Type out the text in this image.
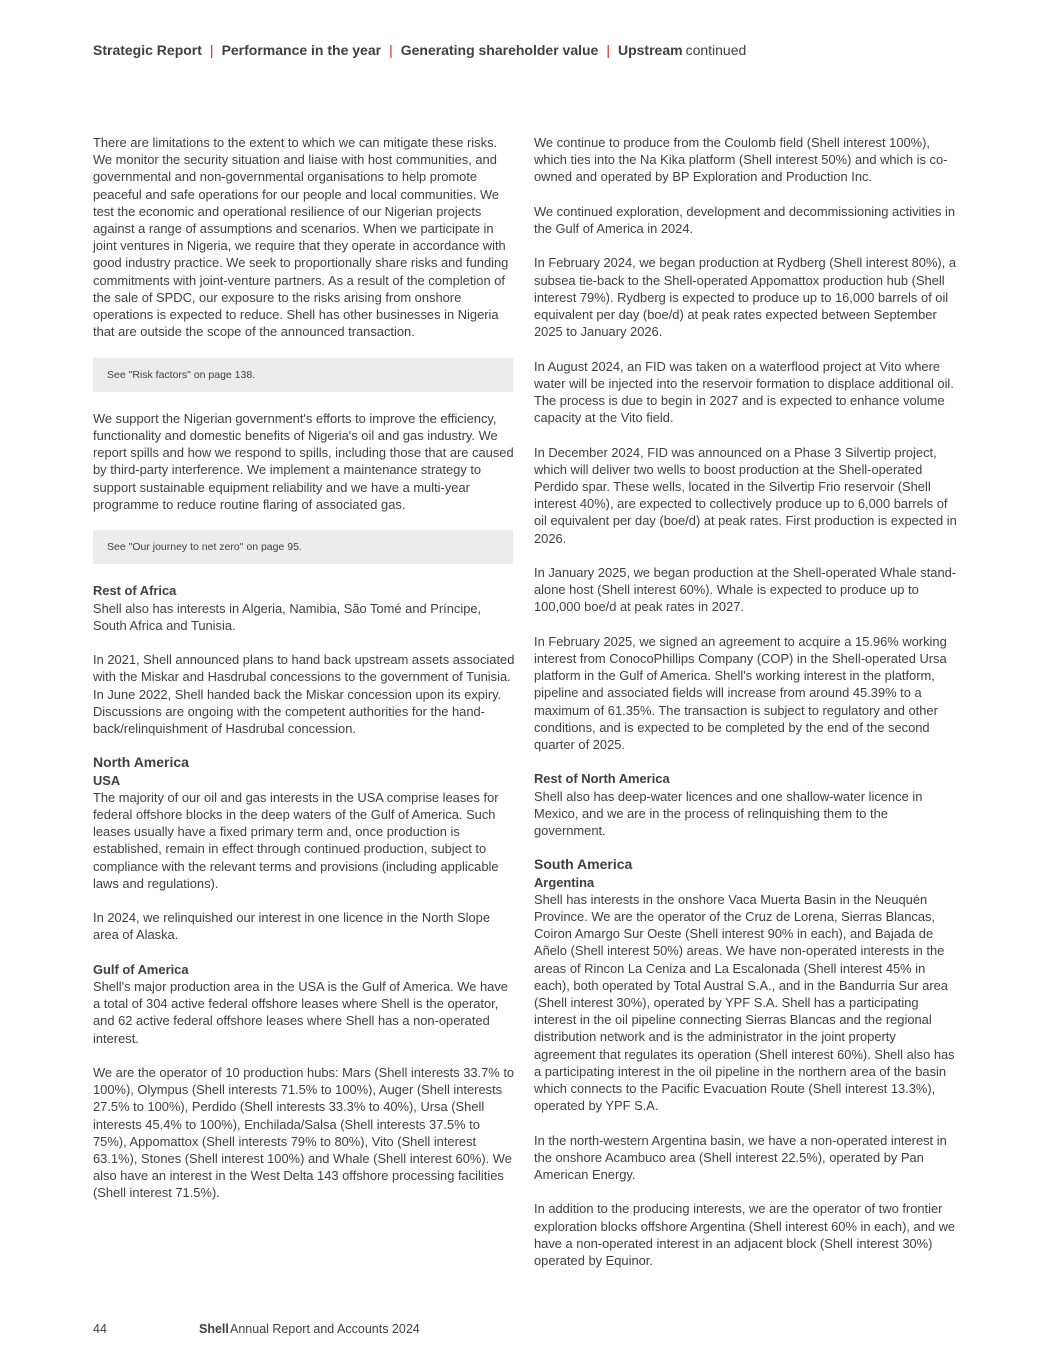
Strategic Report | Performance in the year | Generating shareholder value | Upstream continued

There are limitations to the extent to which we can mitigate these risks. We monitor the security situation and liaise with host communities, and governmental and non-governmental organisations to help promote peaceful and safe operations for our people and local communities. We test the economic and operational resilience of our Nigerian projects against a range of assumptions and scenarios. When we participate in joint ventures in Nigeria, we require that they operate in accordance with good industry practice. We seek to proportionally share risks and funding commitments with joint-venture partners. As a result of the completion of the sale of SPDC, our exposure to the risks arising from onshore operations is expected to reduce. Shell has other businesses in Nigeria that are outside the scope of the announced transaction.

See "Risk factors" on page 138.

We support the Nigerian government's efforts to improve the efficiency, functionality and domestic benefits of Nigeria's oil and gas industry. We report spills and how we respond to spills, including those that are caused by third-party interference. We implement a maintenance strategy to support sustainable equipment reliability and we have a multi-year programme to reduce routine flaring of associated gas.

See "Our journey to net zero" on page 95.
Rest of Africa

Shell also has interests in Algeria, Namibia, São Tomé and Príncipe, South Africa and Tunisia.

In 2021, Shell announced plans to hand back upstream assets associated with the Miskar and Hasdrubal concessions to the government of Tunisia. In June 2022, Shell handed back the Miskar concession upon its expiry. Discussions are ongoing with the competent authorities for the hand-back/relinquishment of Hasdrubal concession.

North America
USA

The majority of our oil and gas interests in the USA comprise leases for federal offshore blocks in the deep waters of the Gulf of America. Such leases usually have a fixed primary term and, once production is established, remain in effect through continued production, subject to compliance with the relevant terms and provisions (including applicable laws and regulations).

In 2024, we relinquished our interest in one licence in the North Slope area of Alaska.

Gulf of America

Shell's major production area in the USA is the Gulf of America. We have a total of 304 active federal offshore leases where Shell is the operator, and 62 active federal offshore leases where Shell has a non-operated interest.

We are the operator of 10 production hubs: Mars (Shell interests 33.7% to 100%), Olympus (Shell interests 71.5% to 100%), Auger (Shell interests 27.5% to 100%), Perdido (Shell interests 33.3% to 40%), Ursa (Shell interests 45.4% to 100%), Enchilada/Salsa (Shell interests 37.5% to 75%), Appomattox (Shell interests 79% to 80%), Vito (Shell interest 63.1%), Stones (Shell interest 100%) and Whale (Shell interest 60%). We also have an interest in the West Delta 143 offshore processing facilities (Shell interest 71.5%).

We continue to produce from the Coulomb field (Shell interest 100%), which ties into the Na Kika platform (Shell interest 50%) and which is co-owned and operated by BP Exploration and Production Inc.

We continued exploration, development and decommissioning activities in the Gulf of America in 2024.

In February 2024, we began production at Rydberg (Shell interest 80%), a subsea tie-back to the Shell-operated Appomattox production hub (Shell interest 79%). Rydberg is expected to produce up to 16,000 barrels of oil equivalent per day (boe/d) at peak rates expected between September 2025 to January 2026.

In August 2024, an FID was taken on a waterflood project at Vito where water will be injected into the reservoir formation to displace additional oil. The process is due to begin in 2027 and is expected to enhance volume capacity at the Vito field.

In December 2024, FID was announced on a Phase 3 Silvertip project, which will deliver two wells to boost production at the Shell-operated Perdido spar. These wells, located in the Silvertip Frio reservoir (Shell interest 40%), are expected to collectively produce up to 6,000 barrels of oil equivalent per day (boe/d) at peak rates. First production is expected in 2026.

In January 2025, we began production at the Shell-operated Whale stand-alone host (Shell interest 60%). Whale is expected to produce up to 100,000 boe/d at peak rates in 2027.

In February 2025, we signed an agreement to acquire a 15.96% working interest from ConocoPhillips Company (COP) in the Shell-operated Ursa platform in the Gulf of America. Shell's working interest in the platform, pipeline and associated fields will increase from around 45.39% to a maximum of 61.35%. The transaction is subject to regulatory and other conditions, and is expected to be completed by the end of the second quarter of 2025.

Rest of North America

Shell also has deep-water licences and one shallow-water licence in Mexico, and we are in the process of relinquishing them to the government.

South America
Argentina

Shell has interests in the onshore Vaca Muerta Basin in the Neuquén Province. We are the operator of the Cruz de Lorena, Sierras Blancas, Coiron Amargo Sur Oeste (Shell interest 90% in each), and Bajada de Añelo (Shell interest 50%) areas. We have non-operated interests in the areas of Rincon La Ceniza and La Escalonada (Shell interest 45% in each), both operated by Total Austral S.A., and in the Bandurria Sur area (Shell interest 30%), operated by YPF S.A. Shell has a participating interest in the oil pipeline connecting Sierras Blancas and the regional distribution network and is the administrator in the joint property agreement that regulates its operation (Shell interest 60%). Shell also has a participating interest in the oil pipeline in the northern area of the basin which connects to the Pacific Evacuation Route (Shell interest 13.3%), operated by YPF S.A.

In the north-western Argentina basin, we have a non-operated interest in the onshore Acambuco area (Shell interest 22.5%), operated by Pan American Energy.

In addition to the producing interests, we are the operator of two frontier exploration blocks offshore Argentina (Shell interest 60% in each), and we have a non-operated interest in an adjacent block (Shell interest 30%) operated by Equinor.

44	Shell Annual Report and Accounts 2024
